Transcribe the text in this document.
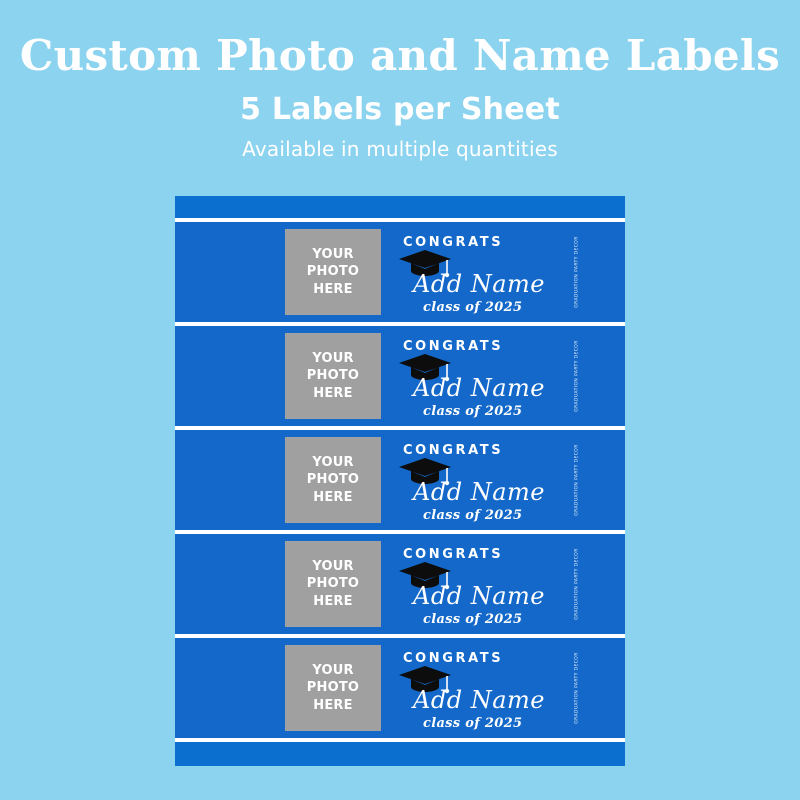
Custom Photo and Name Labels
5 Labels per Sheet
Available in multiple quantities
YOUR
PHOTO
HERE
CONGRATS
Add Name
class of 2025	GRADUATION PARTY DECOR
YOUR
PHOTO
HERE
CONGRATS
Add Name
class of 2025	GRADUATION PARTY DECOR
YOUR
PHOTO
HERE
CONGRATS
Add Name
class of 2025	GRADUATION PARTY DECOR
YOUR
PHOTO
HERE
CONGRATS
Add Name
class of 2025	GRADUATION PARTY DECOR
YOUR
PHOTO
HERE
CONGRATS
Add Name
class of 2025	GRADUATION PARTY DECOR
